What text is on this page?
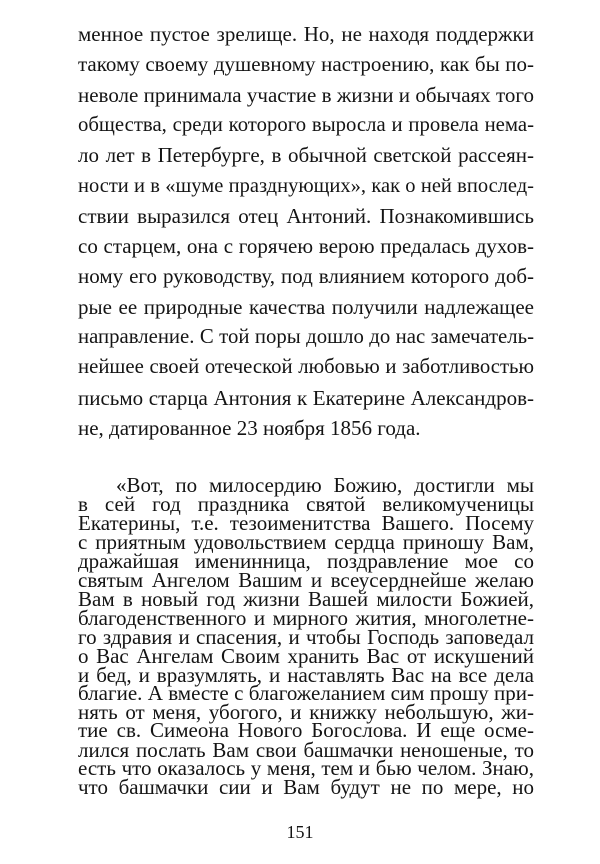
менное пустое зрелище. Но, не находя поддержки
такому своему душевному настроению, как бы по-
неволе принимала участие в жизни и обычаях того
общества, среди которого выросла и провела нема-
ло лет в Петербурге, в обычной светской рассеян-
ности и в «шуме празднующих», как о ней впослед-
ствии выразился отец Антоний. Познакомившись
со старцем, она с горячею верою предалась духов-
ному его руководству, под влиянием которого доб-
рые ее природные качества получили надлежащее
направление. С той поры дошло до нас замечатель-
нейшее своей отеческой любовью и заботливостью
письмо старца Антония к Екатерине Александров-
не, датированное 23 ноября 1856 года.
«Вот, по милосердию Божию, достигли мы
в сей год праздника святой великомученицы
Екатерины, т.е. тезоименитства Вашего. Посему
с приятным удовольствием сердца приношу Вам,
дражайшая именинница, поздравление мое со
святым Ангелом Вашим и всеусерднейше желаю
Вам в новый год жизни Вашей милости Божией,
благоденственного и мирного жития, многолетне-
го здравия и спасения, и чтобы Господь заповедал
о Вас Ангелам Своим хранить Вас от искушений
и бед, и вразумлять, и наставлять Вас на все дела
благие. А вместе с благожеланием сим прошу при-
нять от меня, убогого, и книжку небольшую, жи-
тие св. Симеона Нового Богослова. И еще осме-
лился послать Вам свои башмачки неношеные, то
есть что оказалось у меня, тем и бью челом. Знаю,
что башмачки сии и Вам будут не по мере, но
151
